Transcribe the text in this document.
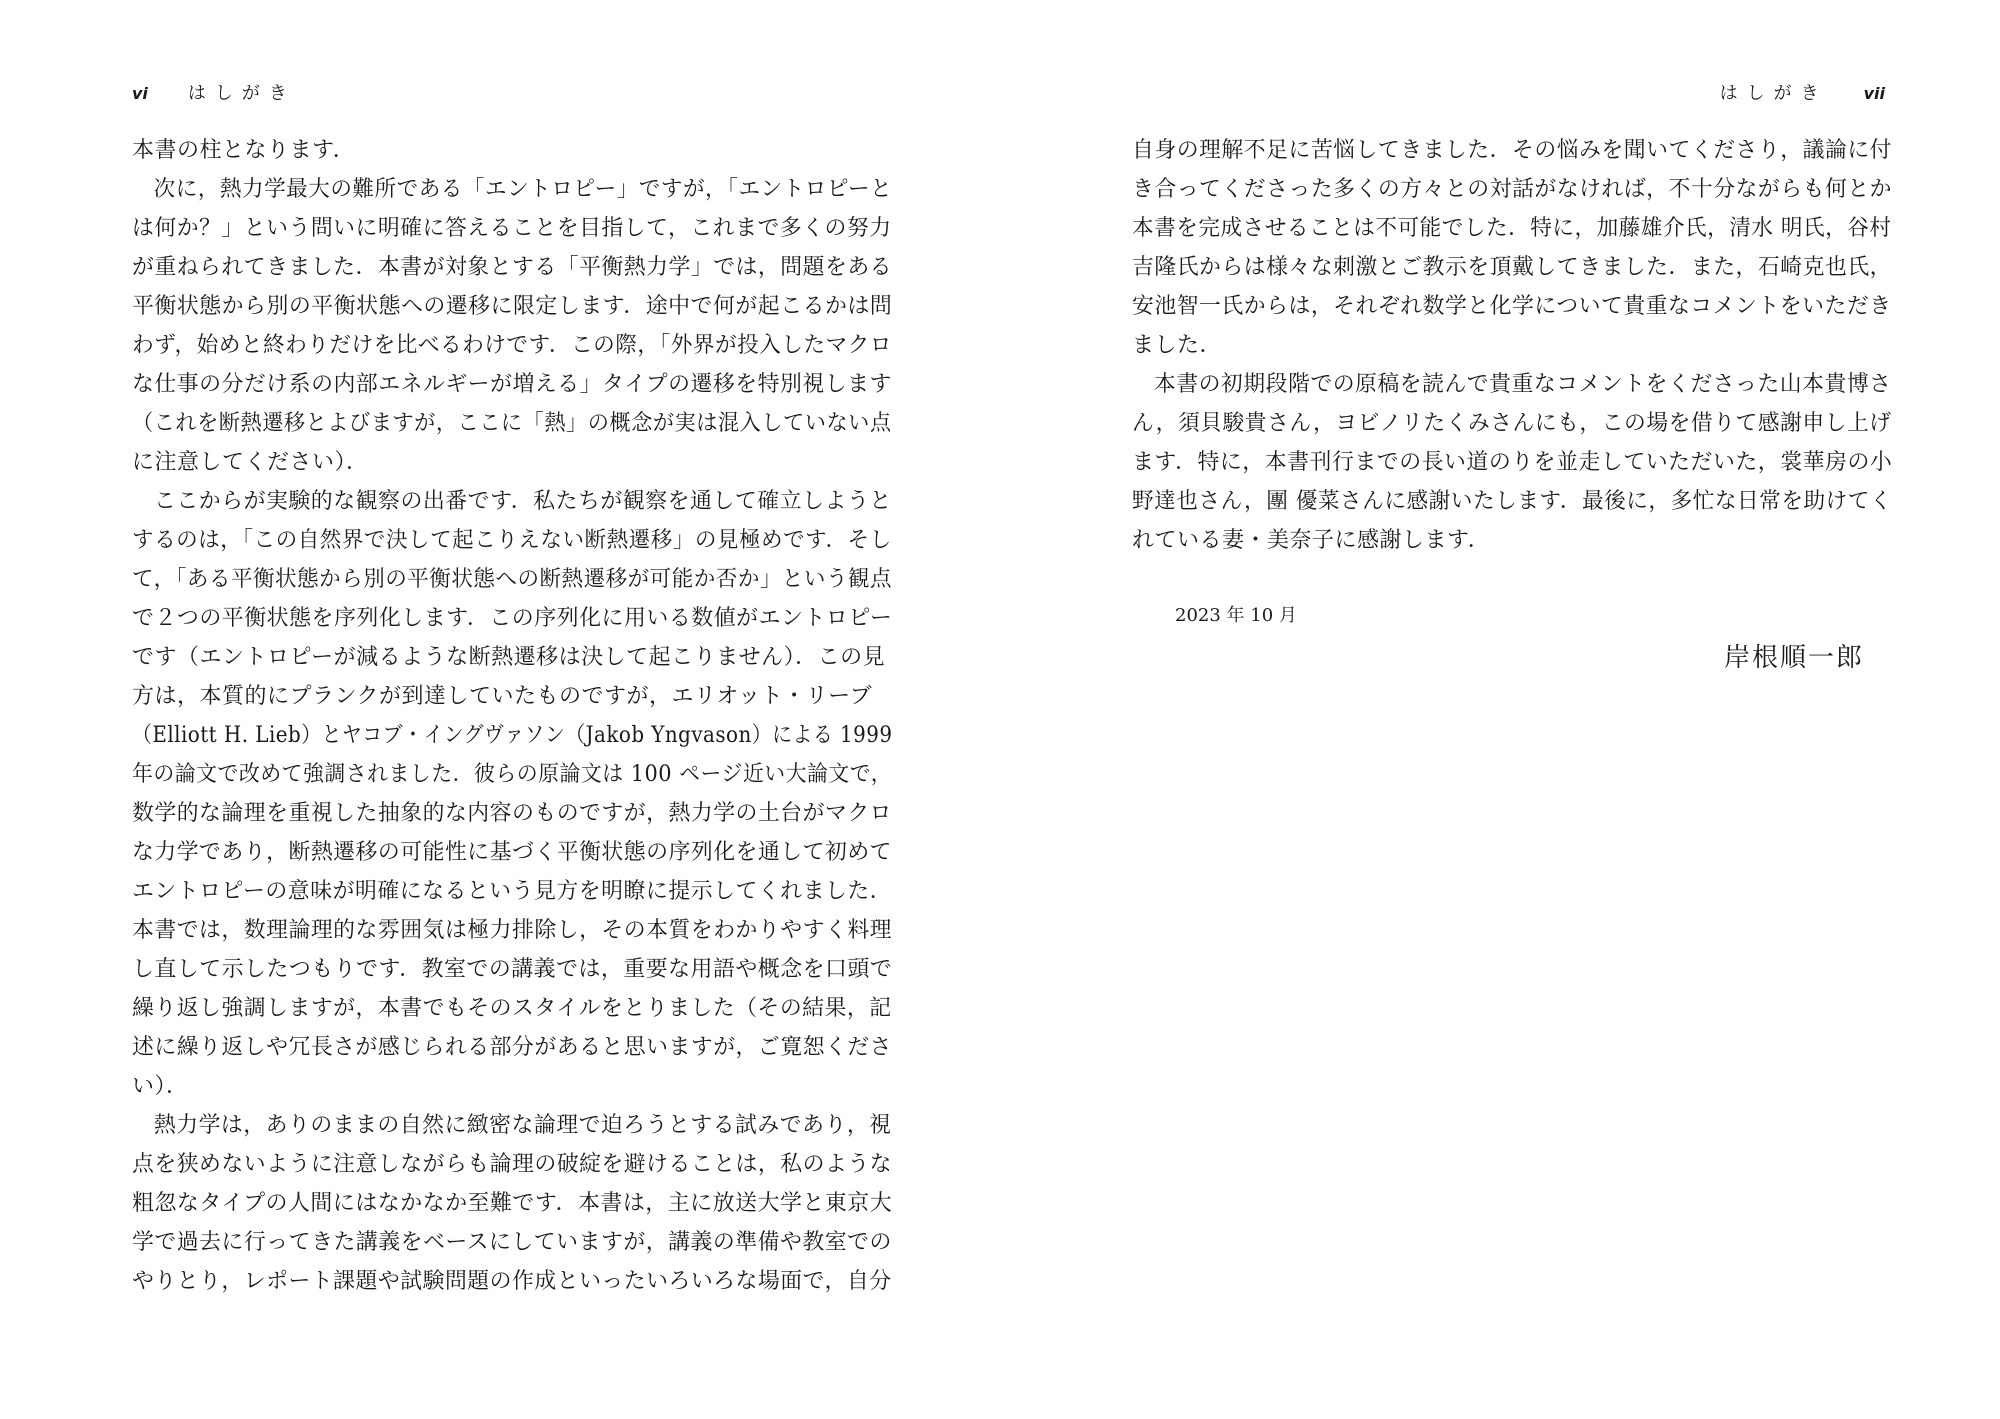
vi はしがき
本書の柱となります．
次に，熱力学最大の難所である「エントロピー」ですが，「エントロピーと
は何か？」という問いに明確に答えることを目指して，これまで多くの努力
が重ねられてきました．本書が対象とする「平衡熱力学」では，問題をある
平衡状態から別の平衡状態への遷移に限定します．途中で何が起こるかは問
わず，始めと終わりだけを比べるわけです．この際，「外界が投入したマクロ
な仕事の分だけ系の内部エネルギーが増える」タイプの遷移を特別視します
（これを断熱遷移とよびますが，ここに「熱」の概念が実は混入していない点
に注意してください）．
ここからが実験的な観察の出番です．私たちが観察を通して確立しようと
するのは，「この自然界で決して起こりえない断熱遷移」の見極めです．そし
て，「ある平衡状態から別の平衡状態への断熱遷移が可能か否か」という観点
で２つの平衡状態を序列化します．この序列化に用いる数値がエントロピー
です（エントロピーが減るような断熱遷移は決して起こりません）．この見
方は，本質的にプランクが到達していたものですが，エリオット・リーブ
（Elliott H. Lieb）とヤコブ・イングヴァソン（Jakob Yngvason）による 1999
年の論文で改めて強調されました．彼らの原論文は 100 ページ近い大論文で，
数学的な論理を重視した抽象的な内容のものですが，熱力学の土台がマクロ
な力学であり，断熱遷移の可能性に基づく平衡状態の序列化を通して初めて
エントロピーの意味が明確になるという見方を明瞭に提示してくれました．
本書では，数理論理的な雰囲気は極力排除し，その本質をわかりやすく料理
し直して示したつもりです．教室での講義では，重要な用語や概念を口頭で
繰り返し強調しますが，本書でもそのスタイルをとりました（その結果，記
述に繰り返しや冗長さが感じられる部分があると思いますが，ご寛恕くださ
い）．
熱力学は，ありのままの自然に緻密な論理で迫ろうとする試みであり，視
点を狭めないように注意しながらも論理の破綻を避けることは，私のような
粗忽なタイプの人間にはなかなか至難です．本書は，主に放送大学と東京大
学で過去に行ってきた講義をベースにしていますが，講義の準備や教室での
やりとり，レポート課題や試験問題の作成といったいろいろな場面で，自分
はしがき vii
自身の理解不足に苦悩してきました．その悩みを聞いてくださり，議論に付
き合ってくださった多くの方々との対話がなければ，不十分ながらも何とか
本書を完成させることは不可能でした．特に，加藤雄介氏，清水 明氏，谷村
吉隆氏からは様々な刺激とご教示を頂戴してきました．また，石崎克也氏，
安池智一氏からは，それぞれ数学と化学について貴重なコメントをいただき
ました．
本書の初期段階での原稿を読んで貴重なコメントをくださった山本貴博さ
ん，須貝駿貴さん，ヨビノリたくみさんにも，この場を借りて感謝申し上げ
ます．特に，本書刊行までの長い道のりを並走していただいた，裳華房の小
野達也さん，團 優菜さんに感謝いたします．最後に，多忙な日常を助けてく
れている妻・美奈子に感謝します．
2023 年 10 月
岸根順一郎
